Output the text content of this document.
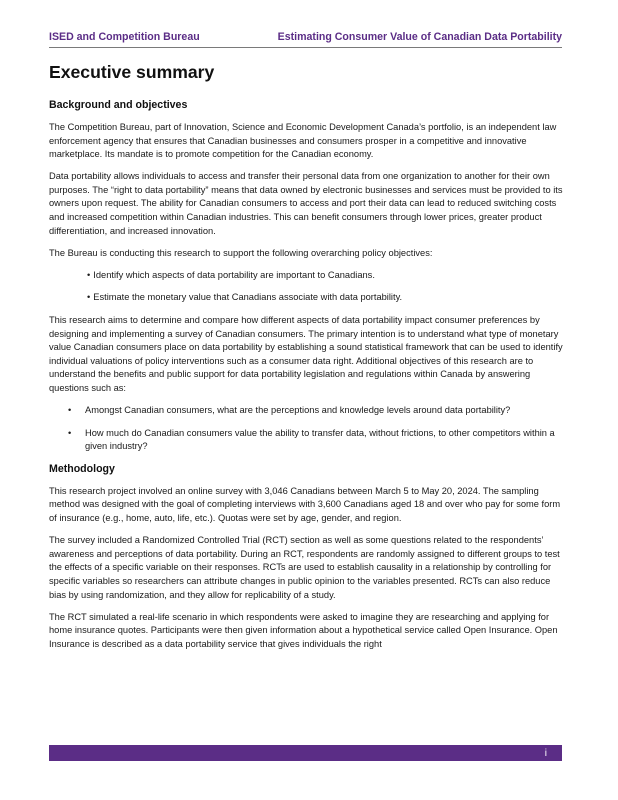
ISED and Competition Bureau	Estimating Consumer Value of Canadian Data Portability
Executive summary
Background and objectives

The Competition Bureau, part of Innovation, Science and Economic Development Canada’s portfolio, is an independent law enforcement agency that ensures that Canadian businesses and consumers prosper in a competitive and innovative marketplace. Its mandate is to promote competition for the Canadian economy.

Data portability allows individuals to access and transfer their personal data from one organization to another for their own purposes. The “right to data portability” means that data owned by electronic businesses and services must be provided to its owners upon request. The ability for Canadian consumers to access and port their data can lead to reduced switching costs and increased competition within Canadian industries. This can benefit consumers through lower prices, greater product differentiation, and increased innovation.

The Bureau is conducting this research to support the following overarching policy objectives:

• Identify which aspects of data portability are important to Canadians.
• Estimate the monetary value that Canadians associate with data portability.

This research aims to determine and compare how different aspects of data portability impact consumer preferences by designing and implementing a survey of Canadian consumers. The primary intention is to understand what type of monetary value Canadian consumers place on data portability by establishing a sound statistical framework that can be used to identify individual valuations of policy interventions such as a consumer data right. Additional objectives of this research are to understand the benefits and public support for data portability legislation and regulations within Canada by answering questions such as:

• Amongst Canadian consumers, what are the perceptions and knowledge levels around data portability?
• How much do Canadian consumers value the ability to transfer data, without frictions, to other competitors within a given industry?
Methodology

This research project involved an online survey with 3,046 Canadians between March 5 to May 20, 2024. The sampling method was designed with the goal of completing interviews with 3,600 Canadians aged 18 and over who pay for some form of insurance (e.g., home, auto, life, etc.). Quotas were set by age, gender, and region.

The survey included a Randomized Controlled Trial (RCT) section as well as some questions related to the respondents’ awareness and perceptions of data portability. During an RCT, respondents are randomly assigned to different groups to test the effects of a specific variable on their responses. RCTs are used to establish causality in a relationship by controlling for specific variables so researchers can attribute changes in public opinion to the variables presented. RCTs can also reduce bias by using randomization, and they allow for replicability of a study.

The RCT simulated a real-life scenario in which respondents were asked to imagine they are researching and applying for home insurance quotes. Participants were then given information about a hypothetical service called Open Insurance. Open Insurance is described as a data portability service that gives individuals the right

i
